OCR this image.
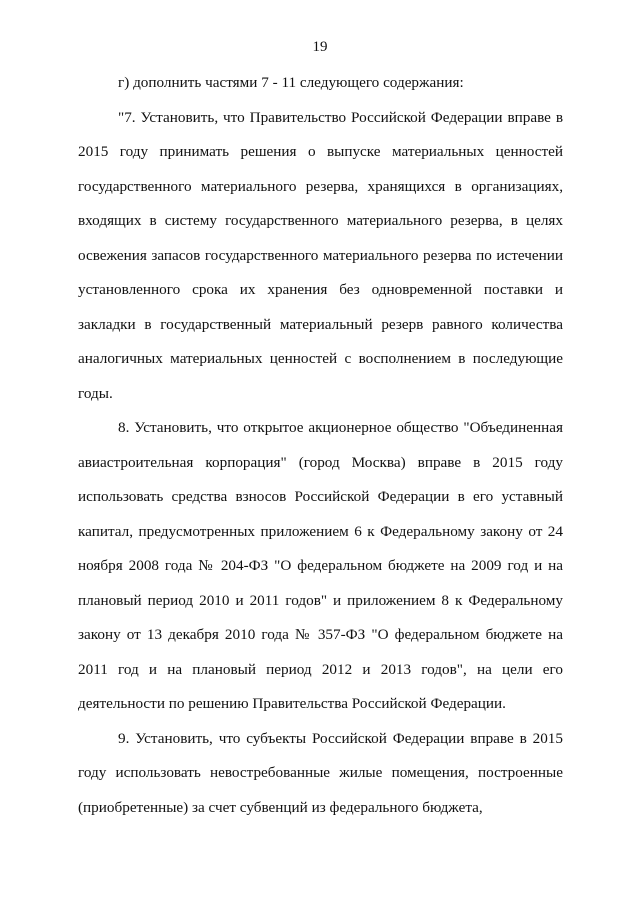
19

г) дополнить частями 7 - 11 следующего содержания:

"7. Установить, что Правительство Российской Федерации вправе в 2015 году принимать решения о выпуске материальных ценностей государственного материального резерва, хранящихся в организациях, входящих в систему государственного материального резерва, в целях освежения запасов государственного материального резерва по истечении установленного срока их хранения без одновременной поставки и закладки в государственный материальный резерв равного количества аналогичных материальных ценностей с восполнением в последующие годы.

8. Установить, что открытое акционерное общество "Объединенная авиастроительная корпорация" (город Москва) вправе в 2015 году использовать средства взносов Российской Федерации в его уставный капитал, предусмотренных приложением 6 к Федеральному закону от 24 ноября 2008 года № 204-ФЗ "О федеральном бюджете на 2009 год и на плановый период 2010 и 2011 годов" и приложением 8 к Федеральному закону от 13 декабря 2010 года № 357-ФЗ "О федеральном бюджете на 2011 год и на плановый период 2012 и 2013 годов", на цели его деятельности по решению Правительства Российской Федерации.

9. Установить, что субъекты Российской Федерации вправе в 2015 году использовать невостребованные жилые помещения, построенные (приобретенные) за счет субвенций из федерального бюджета,
